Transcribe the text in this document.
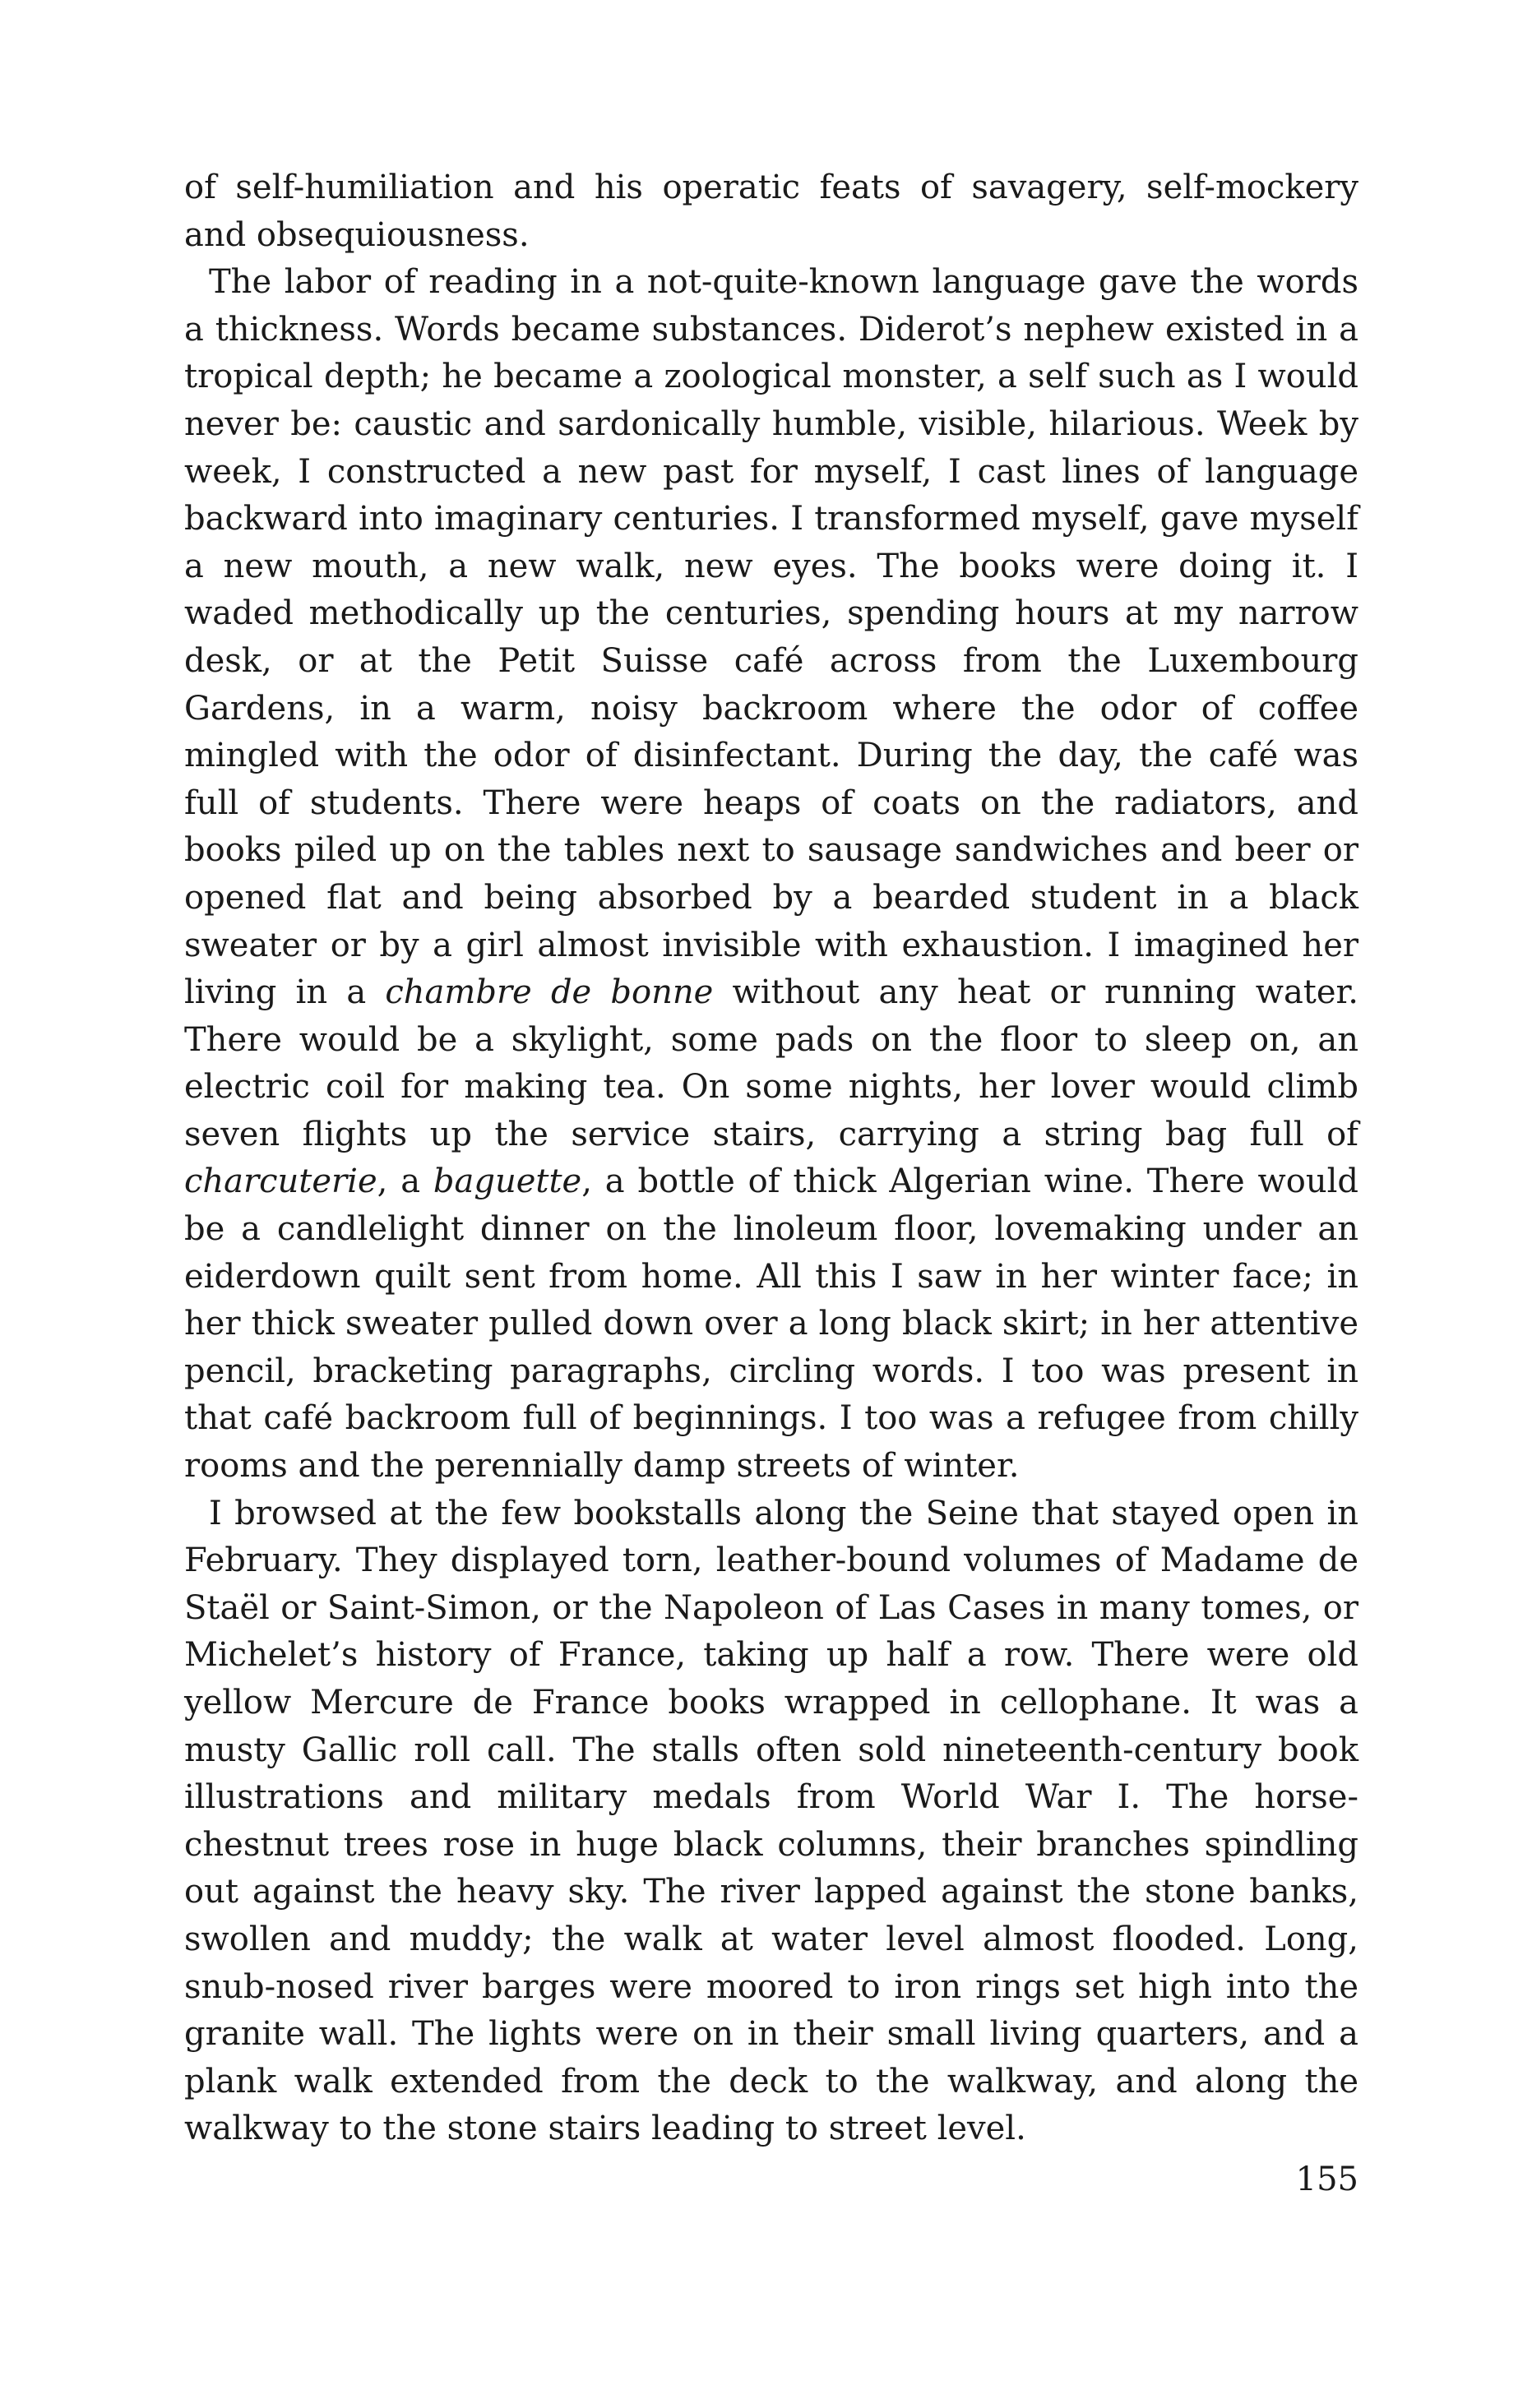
of self-humiliation and his operatic feats of savagery, self-mockery and obsequiousness.

The labor of reading in a not-quite-known language gave the words a thickness. Words became substances. Diderot’s nephew existed in a tropical depth; he became a zoological monster, a self such as I would never be: caustic and sardonically humble, visible, hilarious. Week by week, I constructed a new past for myself, I cast lines of language backward into imaginary centuries. I transformed myself, gave myself a new mouth, a new walk, new eyes. The books were doing it. I waded methodically up the centuries, spending hours at my narrow desk, or at the Petit Suisse café across from the Luxembourg Gardens, in a warm, noisy backroom where the odor of coffee mingled with the odor of disinfectant. During the day, the café was full of students. There were heaps of coats on the radiators, and books piled up on the tables next to sausage sandwiches and beer or opened flat and being absorbed by a bearded student in a black sweater or by a girl almost invisible with exhaustion. I imagined her living in a chambre de bonne without any heat or running water. There would be a skylight, some pads on the floor to sleep on, an electric coil for making tea. On some nights, her lover would climb seven flights up the service stairs, carrying a string bag full of charcuterie, a baguette, a bottle of thick Algerian wine. There would be a candlelight dinner on the linoleum floor, lovemaking under an eiderdown quilt sent from home. All this I saw in her winter face; in her thick sweater pulled down over a long black skirt; in her attentive pencil, bracketing paragraphs, circling words. I too was present in that café backroom full of beginnings. I too was a refugee from chilly rooms and the perennially damp streets of winter.

I browsed at the few bookstalls along the Seine that stayed open in February. They displayed torn, leather-bound volumes of Madame de Staël or Saint-Simon, or the Napoleon of Las Cases in many tomes, or Michelet’s history of France, taking up half a row. There were old yellow Mercure de France books wrapped in cellophane. It was a musty Gallic roll call. The stalls often sold nineteenth-century book illustrations and military medals from World War I. The horse-chestnut trees rose in huge black columns, their branches spindling out against the heavy sky. The river lapped against the stone banks, swollen and muddy; the walk at water level almost flooded. Long, snub-nosed river barges were moored to iron rings set high into the granite wall. The lights were on in their small living quarters, and a plank walk extended from the deck to the walkway, and along the walkway to the stone stairs leading to street level.

155
